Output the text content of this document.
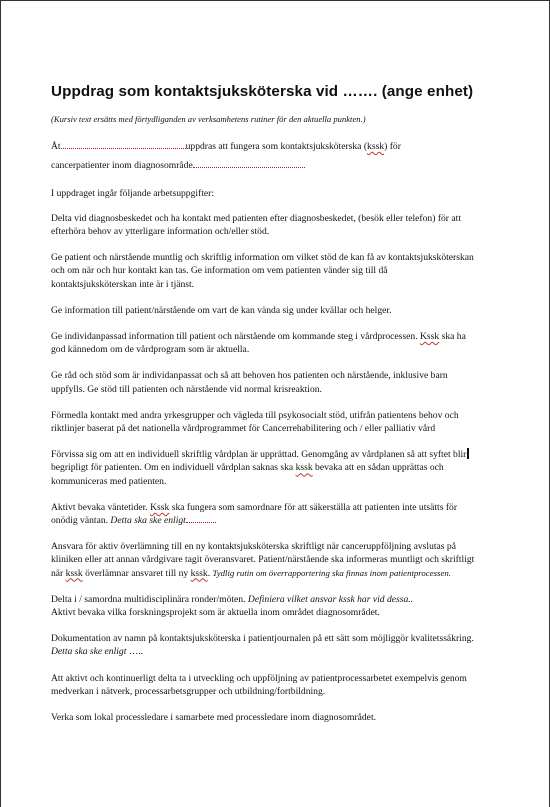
Uppdrag som kontaktsjuksköterska vid ……. (ange enhet)

(Kursiv text ersätts med förtydliganden av verksamhetens rutiner för den aktuella punkten.)

Åt	uppdras att fungera som kontaktsjuksköterska (kssk) för

cancerpatienter inom diagnosområde

I uppdraget ingår följande arbetsuppgifter:

Delta vid diagnosbeskedet och ha kontakt med patienten efter diagnosbeskedet, (besök eller telefon) för att

efterhöra behov av ytterligare information och/eller stöd.

Ge patient och närstående muntlig och skriftlig information om vilket stöd de kan få av kontaktsjuksköterskan

och om när och hur kontakt kan tas. Ge information om vem patienten vänder sig till då

kontaktsjuksköterskan inte är i tjänst.

Ge information till patient/närstående om vart de kan vända sig under kvällar och helger.

Ge individanpassad information till patient och närstående om kommande steg i vårdprocessen. Kssk ska ha

god kännedom om de vårdprogram som är aktuella.

Ge råd och stöd som är individanpassat och så att behoven hos patienten och närstående, inklusive barn

uppfylls. Ge stöd till patienten och närstående vid normal krisreaktion.

Förmedla kontakt med andra yrkesgrupper och vägleda till psykosocialt stöd, utifrån patientens behov och

riktlinjer baserat på det nationella vårdprogrammet för Cancerrehabilitering och / eller palliativ vård

Förvissa sig om att en individuell skriftlig vårdplan är upprättad. Genomgång av vårdplanen så att syftet blir

begripligt för patienten. Om en individuell vårdplan saknas ska kssk bevaka att en sådan upprättas och

kommuniceras med patienten.

Aktivt bevaka väntetider. Kssk ska fungera som samordnare för att säkerställa att patienten inte utsätts för

onödig väntan. Detta ska ske enligt

Ansvara för aktiv överlämning till en ny kontaktsjuksköterska skriftligt när canceruppföljning avslutas på

kliniken eller att annan vårdgivare tagit överansvaret. Patient/närstående ska informeras muntligt och skriftligt

när kssk överlämnar ansvaret till ny kssk. Tydlig rutin om överrapportering ska finnas inom patientprocessen.

Delta i / samordna multidisciplinära ronder/möten. Definiera vilket ansvar kssk har vid dessa..

Aktivt bevaka vilka forskningsprojekt som är aktuella inom området diagnosområdet.

Dokumentation av namn på kontaktsjuksköterska i patientjournalen på ett sätt som möjliggör kvalitetssäkring.

Detta ska ske enligt …..

Att aktivt och kontinuerligt delta ta i utveckling och uppföljning av patientprocessarbetet exempelvis genom

medverkan i nätverk, processarbetsgrupper och utbildning/fortbildning.

Verka som lokal processledare i samarbete med processledare inom diagnosområdet.
